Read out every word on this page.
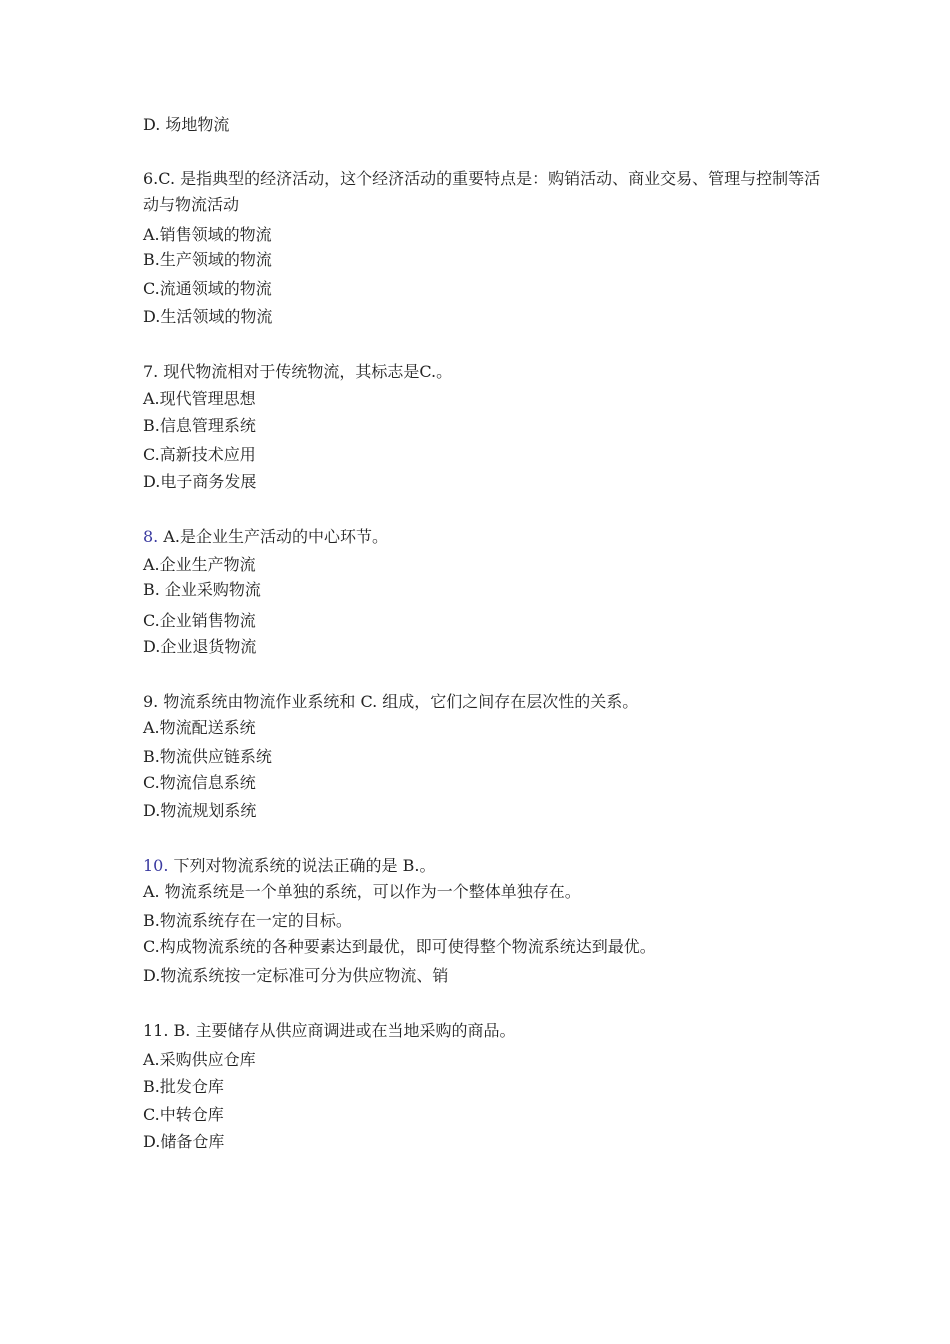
D. 场地物流
6.C. 是指典型的经济活动，这个经济活动的重要特点是：购销活动、商业交易、管理与控制等活动与物流活动
A.销售领域的物流
B.生产领域的物流
C.流通领域的物流
D.生活领域的物流
7. 现代物流相对于传统物流，其标志是C.。
A.现代管理思想
B.信息管理系统
C.高新技术应用
D.电子商务发展
8. A.是企业生产活动的中心环节。
A.企业生产物流
B. 企业采购物流
C.企业销售物流
D.企业退货物流
9. 物流系统由物流作业系统和 C. 组成，它们之间存在层次性的关系。
A.物流配送系统
B.物流供应链系统
C.物流信息系统
D.物流规划系统
10. 下列对物流系统的说法正确的是 B.。
A. 物流系统是一个单独的系统，可以作为一个整体单独存在。
B.物流系统存在一定的目标。
C.构成物流系统的各种要素达到最优，即可使得整个物流系统达到最优。
D.物流系统按一定标准可分为供应物流、销
11. B. 主要储存从供应商调进或在当地采购的商品。
A.采购供应仓库
B.批发仓库
C.中转仓库
D.储备仓库
